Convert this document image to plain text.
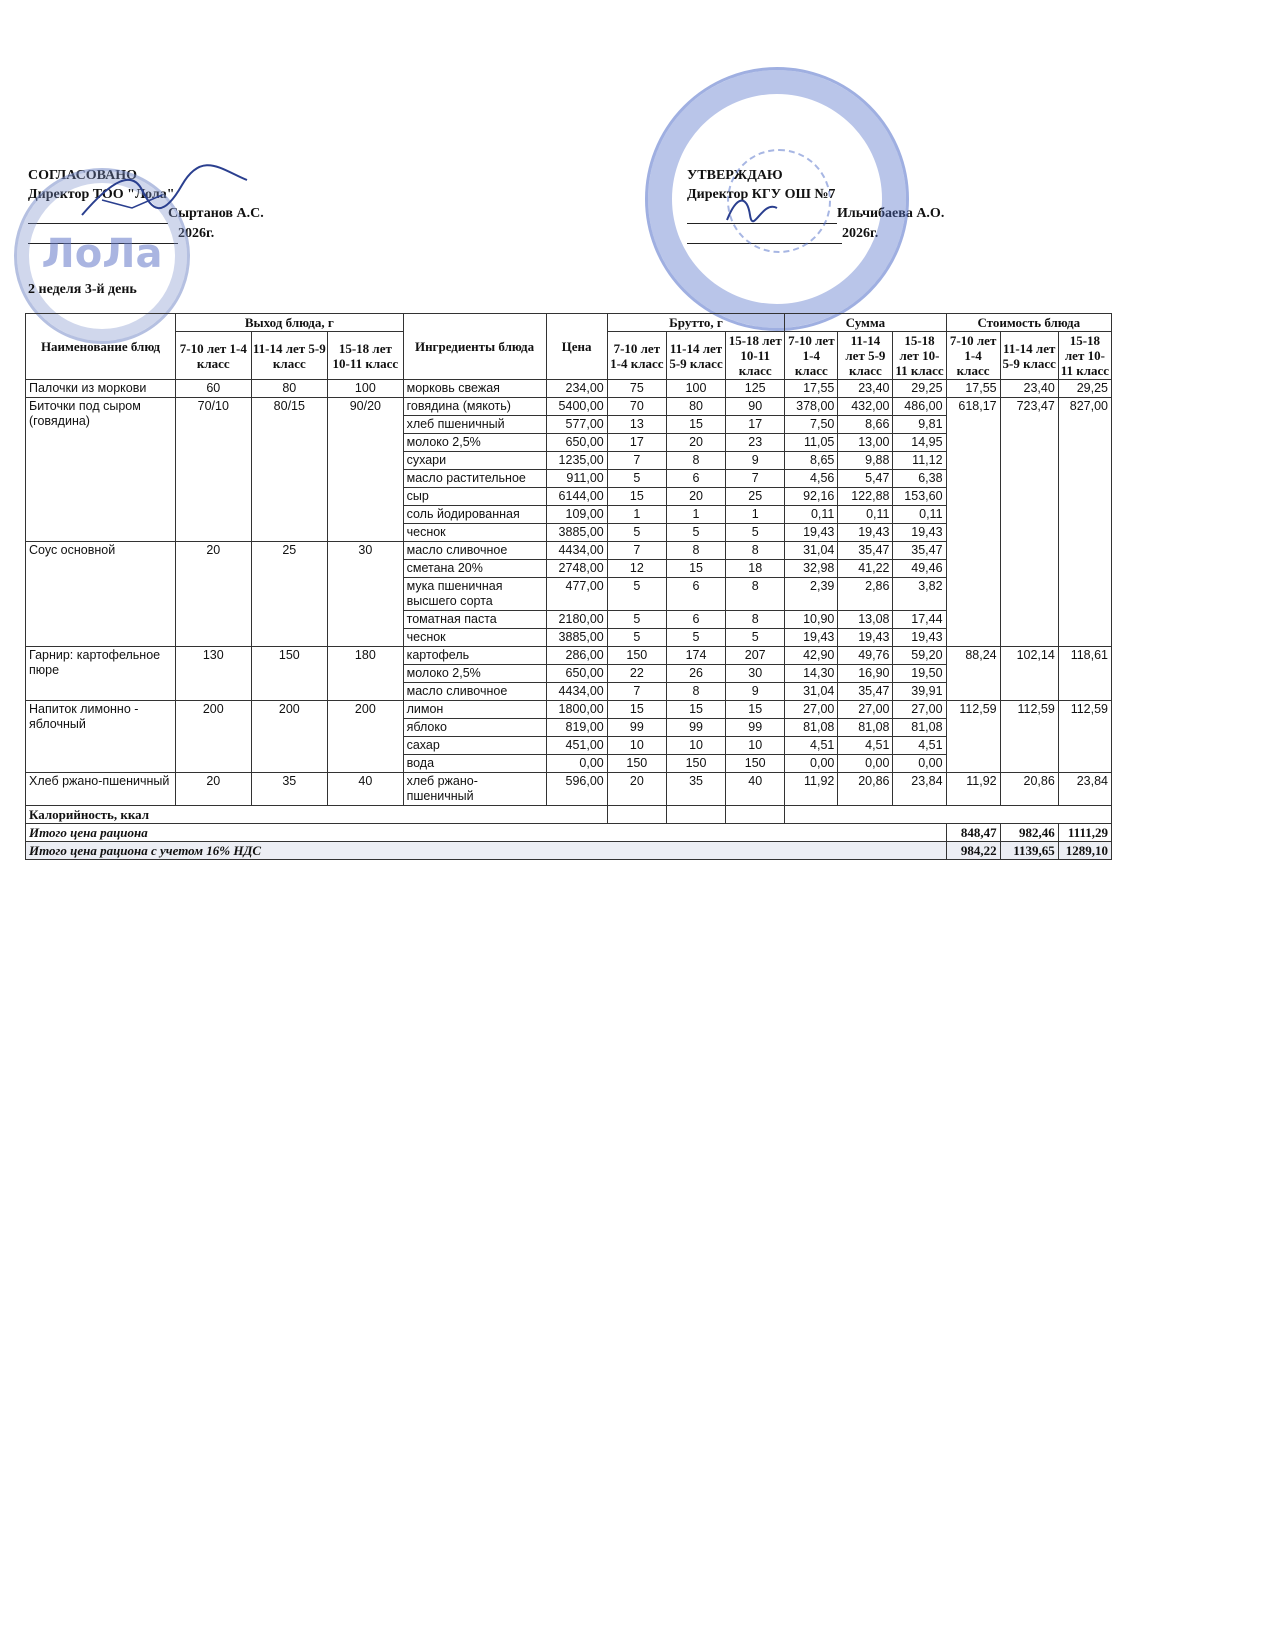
СОГЛАСОВАНО
Директор ТОО "Лола"
Сыртанов А.С.
2026г.
УТВЕРЖДАЮ
Директор КГУ ОШ №7
Ильчибаева А.О.
2026г.
ЛоЛа
2 неделя 3-й день
Наименование блюд	Выход блюда, г			Ингредиенты блюда	Цена	Брутто, г			Сумма			Стоимость блюда		
	7-10 лет 1-4 класс	11-14 лет 5-9 класс	15-18 лет 10-11 класс			7-10 лет 1-4 класс	11-14 лет 5-9 класс	15-18 лет 10-11 класс	7-10 лет 1-4 класс	11-14 лет 5-9 класс	15-18 лет 10-11 класс	7-10 лет 1-4 класс	11-14 лет 5-9 класс	15-18 лет 10-11 класс
Палочки из моркови	60	80	100	морковь свежая	234,00	75	100	125	17,55	23,40	29,25	17,55	23,40	29,25
Биточки под сыром (говядина)	70/10	80/15	90/20	говядина (мякоть)	5400,00	70	80	90	378,00	432,00	486,00	618,17	723,47	827,00
				хлеб пшеничный	577,00	13	15	17	7,50	8,66	9,81			
				молоко 2,5%	650,00	17	20	23	11,05	13,00	14,95			
				сухари	1235,00	7	8	9	8,65	9,88	11,12			
				масло растительное	911,00	5	6	7	4,56	5,47	6,38			
				сыр	6144,00	15	20	25	92,16	122,88	153,60			
				соль йодированная	109,00	1	1	1	0,11	0,11	0,11			
				чеснок	3885,00	5	5	5	19,43	19,43	19,43			
Соус основной	20	25	30	масло сливочное	4434,00	7	8	8	31,04	35,47	35,47			
				сметана 20%	2748,00	12	15	18	32,98	41,22	49,46			
				мука пшеничная высшего сорта	477,00	5	6	8	2,39	2,86	3,82			
				томатная паста	2180,00	5	6	8	10,90	13,08	17,44			
				чеснок	3885,00	5	5	5	19,43	19,43	19,43			
Гарнир: картофельное пюре	130	150	180	картофель	286,00	150	174	207	42,90	49,76	59,20	88,24	102,14	118,61
				молоко 2,5%	650,00	22	26	30	14,30	16,90	19,50			
				масло сливочное	4434,00	7	8	9	31,04	35,47	39,91			
Напиток лимонно - яблочный	200	200	200	лимон	1800,00	15	15	15	27,00	27,00	27,00	112,59	112,59	112,59
				яблоко	819,00	99	99	99	81,08	81,08	81,08			
				сахар	451,00	10	10	10	4,51	4,51	4,51			
				вода	0,00	150	150	150	0,00	0,00	0,00			
Хлеб ржано-пшеничный	20	35	40	хлеб ржано-пшеничный	596,00	20	35	40	11,92	20,86	23,84	11,92	20,86	23,84
Калорийность, ккал														
Итого цена рациона												848,47	982,46	1111,29
Итого цена рациона с учетом 16% НДС												984,22	1139,65	1289,10
